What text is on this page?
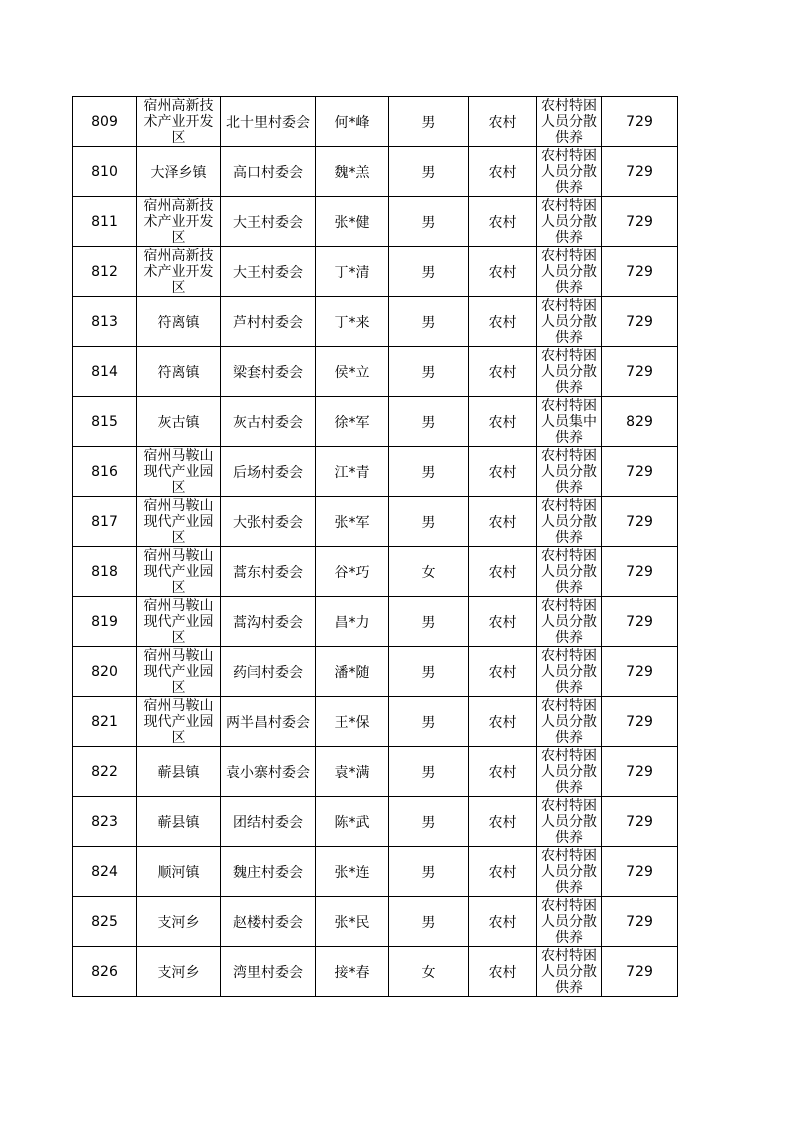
809	宿州高新技术产业开发区	北十里村委会	何*峰	男	农村	农村特困人员分散供养	729
810	大泽乡镇	高口村委会	魏*羔	男	农村	农村特困人员分散供养	729
811	宿州高新技术产业开发区	大王村委会	张*健	男	农村	农村特困人员分散供养	729
812	宿州高新技术产业开发区	大王村委会	丁*清	男	农村	农村特困人员分散供养	729
813	符离镇	芦村村委会	丁*来	男	农村	农村特困人员分散供养	729
814	符离镇	梁套村委会	侯*立	男	农村	农村特困人员分散供养	729
815	灰古镇	灰古村委会	徐*军	男	农村	农村特困人员集中供养	829
816	宿州马鞍山现代产业园区	后场村委会	江*青	男	农村	农村特困人员分散供养	729
817	宿州马鞍山现代产业园区	大张村委会	张*军	男	农村	农村特困人员分散供养	729
818	宿州马鞍山现代产业园区	蒿东村委会	谷*巧	女	农村	农村特困人员分散供养	729
819	宿州马鞍山现代产业园区	蒿沟村委会	昌*力	男	农村	农村特困人员分散供养	729
820	宿州马鞍山现代产业园区	药闫村委会	潘*随	男	农村	农村特困人员分散供养	729
821	宿州马鞍山现代产业园区	两半昌村委会	王*保	男	农村	农村特困人员分散供养	729
822	蕲县镇	袁小寨村委会	袁*满	男	农村	农村特困人员分散供养	729
823	蕲县镇	团结村委会	陈*武	男	农村	农村特困人员分散供养	729
824	顺河镇	魏庄村委会	张*连	男	农村	农村特困人员分散供养	729
825	支河乡	赵楼村委会	张*民	男	农村	农村特困人员分散供养	729
826	支河乡	湾里村委会	接*春	女	农村	农村特困人员分散供养	729
